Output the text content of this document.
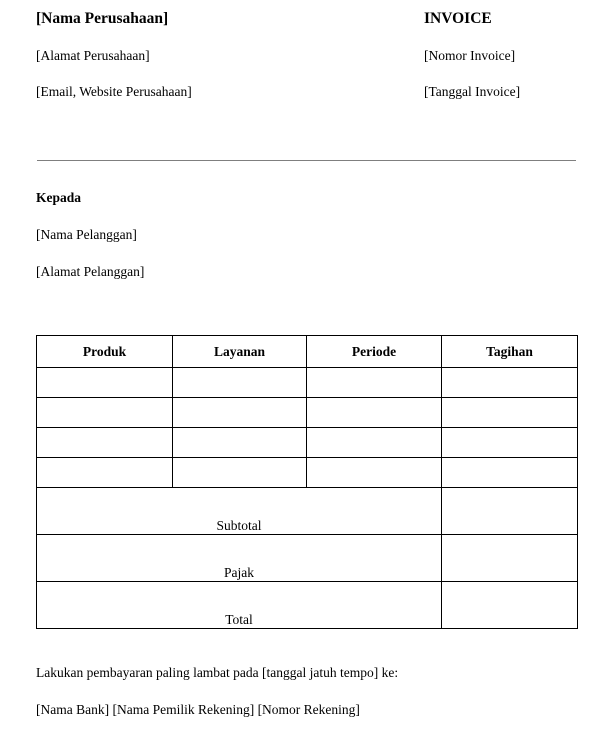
[Nama Perusahaan]

[Alamat Perusahaan]

[Email, Website Perusahaan]

INVOICE

[Nomor Invoice]

[Tanggal Invoice]

Kepada

[Nama Pelanggan]

[Alamat Pelanggan]

Produk	Layanan	Periode	Tagihan

Subtotal			
Pajak			
Total			

Lakukan pembayaran paling lambat pada [tanggal jatuh tempo] ke:

[Nama Bank] [Nama Pemilik Rekening] [Nomor Rekening]
